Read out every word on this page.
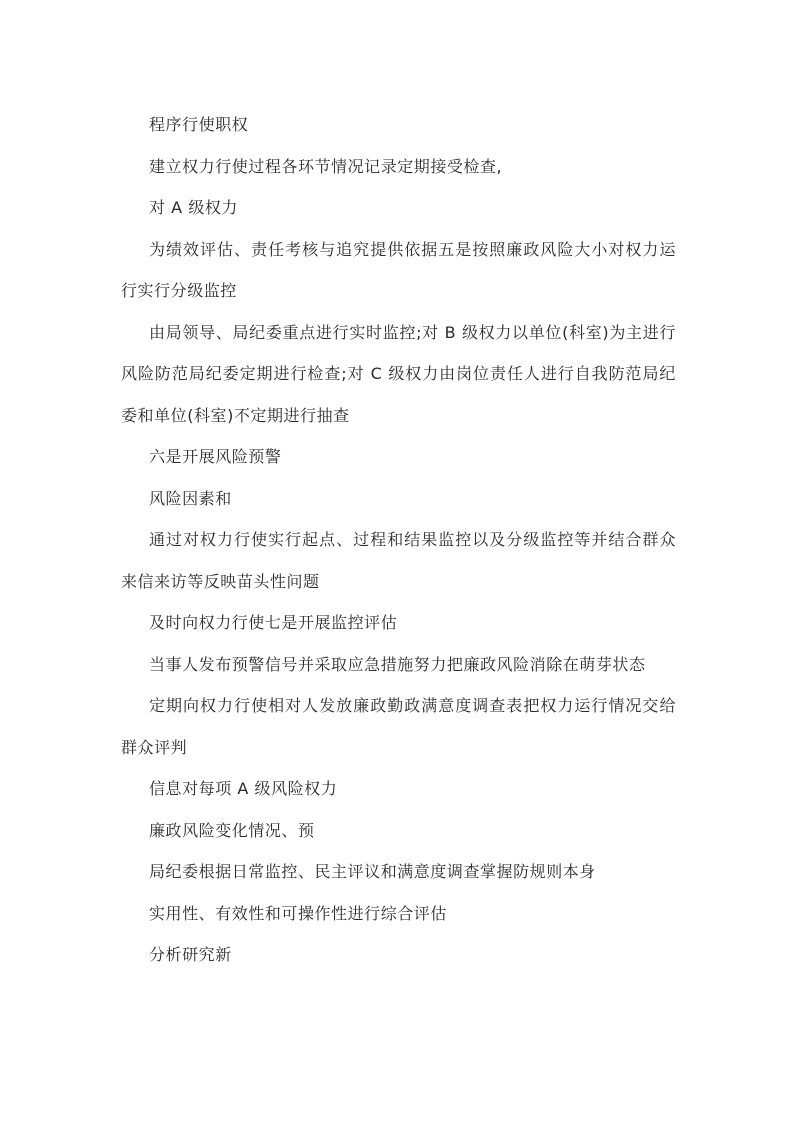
程序行使职权

建立权力行使过程各环节情况记录定期接受检查,

对 A 级权力

为绩效评估、责任考核与追究提供依据五是按照廉政风险大小对权力运行实行分级监控

由局领导、局纪委重点进行实时监控;对 B 级权力以单位(科室)为主进行风险防范局纪委定期进行检查;对 C 级权力由岗位责任人进行自我防范局纪委和单位(科室)不定期进行抽查

六是开展风险预警

风险因素和

通过对权力行使实行起点、过程和结果监控以及分级监控等并结合群众来信来访等反映苗头性问题

及时向权力行使七是开展监控评估

当事人发布预警信号并采取应急措施努力把廉政风险消除在萌芽状态

定期向权力行使相对人发放廉政勤政满意度调查表把权力运行情况交给群众评判

信息对每项 A 级风险权力

廉政风险变化情况、预

局纪委根据日常监控、民主评议和满意度调查掌握防规则本身

实用性、有效性和可操作性进行综合评估

分析研究新
